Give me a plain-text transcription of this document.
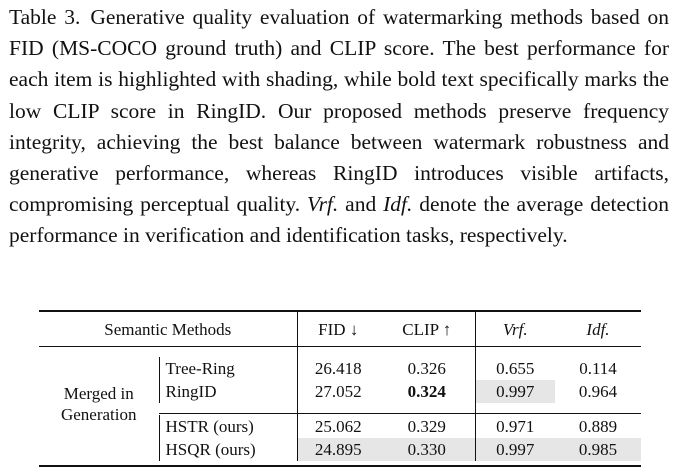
Table 3. Generative quality evaluation of watermarking methods based on FID (MS-COCO ground truth) and CLIP score. The best performance for each item is highlighted with shading, while bold text specifically marks the low CLIP score in RingID. Our proposed methods preserve frequency integrity, achieving the best balance between watermark robustness and generative performance, whereas RingID introduces visible artifacts, compromising perceptual quality. Vrf. and Idf. denote the average detection performance in verification and identification tasks, respectively.

Semantic Methods		FID ↓	CLIP ↑	Vrf.	Idf.
Merged in
Generation					
	Tree-Ring	26.418	0.326	0.655	0.114
	RingID	27.052	0.324	0.997	0.964

	HSTR (ours)	25.062	0.329	0.971	0.889
	HSQR (ours)	24.895	0.330	0.997	0.985
